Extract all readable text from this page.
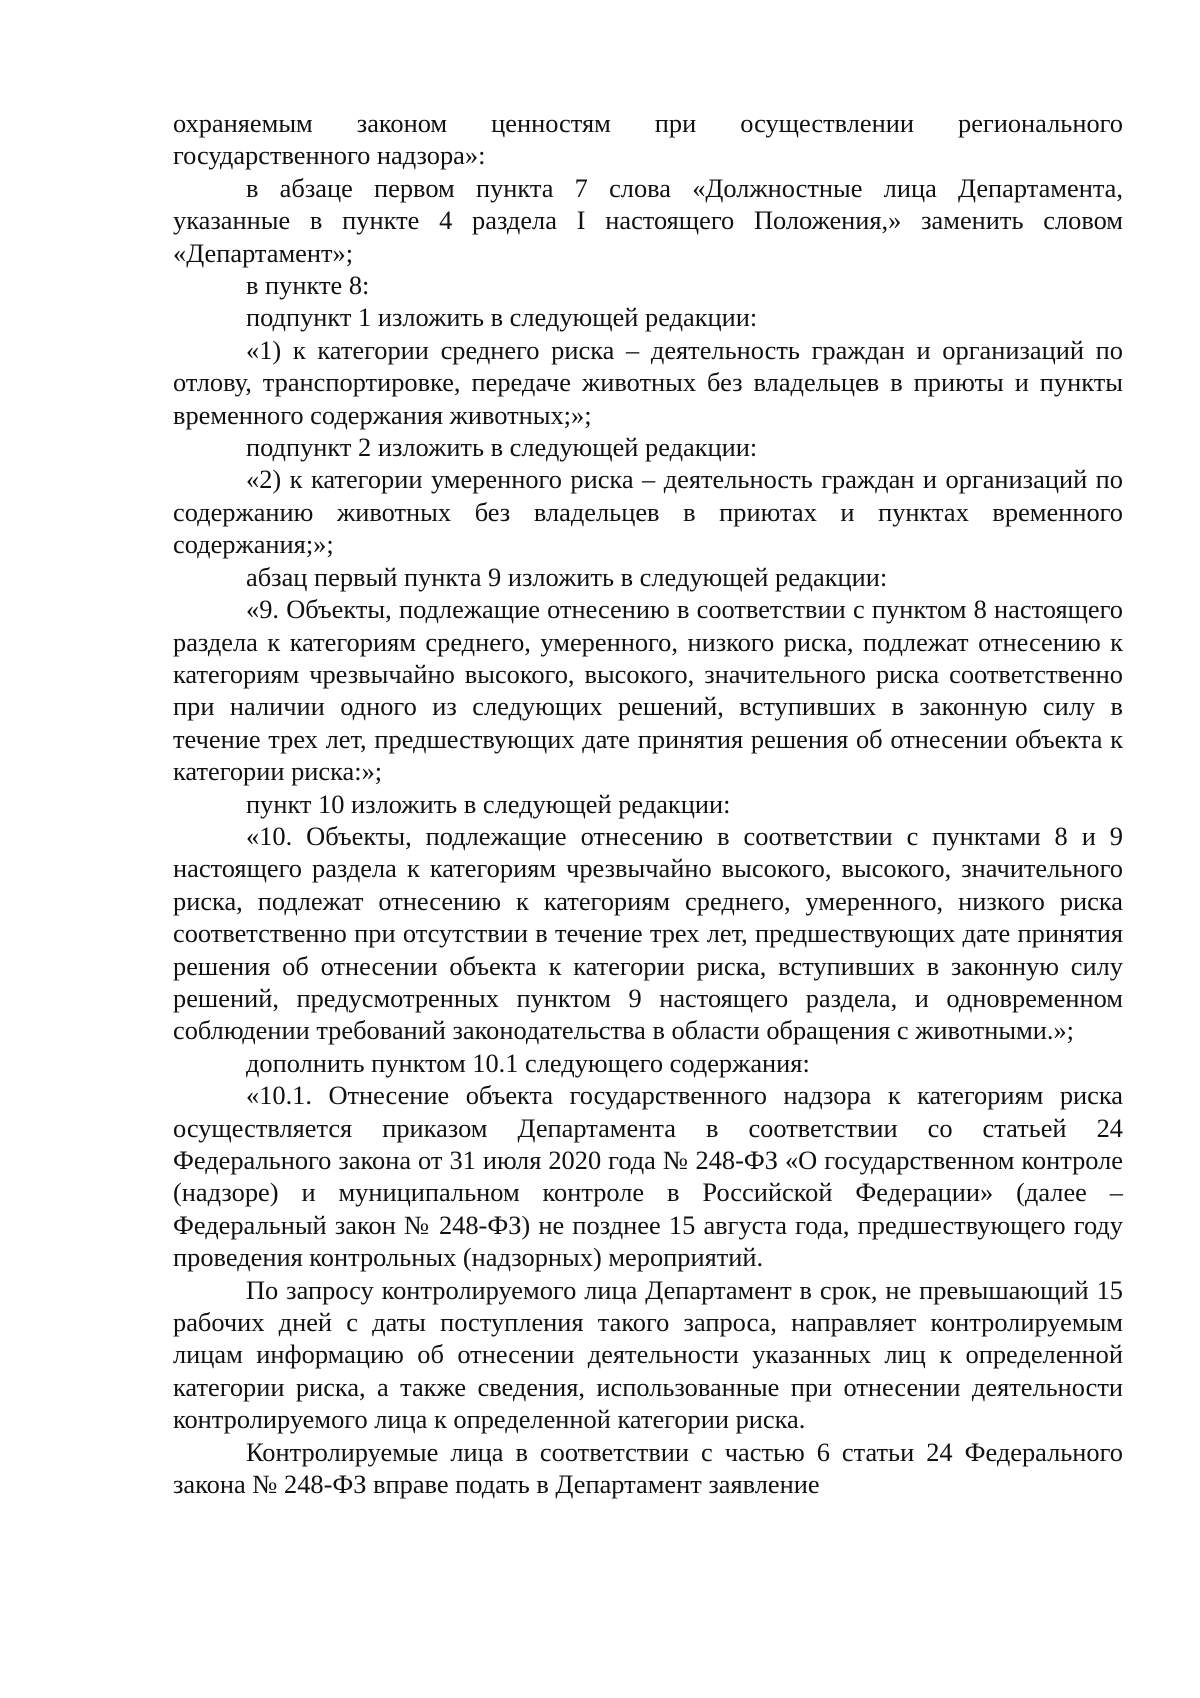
охраняемым законом ценностям при осуществлении регионального государственного надзора»:

в абзаце первом пункта 7 слова «Должностные лица Департамента, указанные в пункте 4 раздела I настоящего Положения,» заменить словом «Департамент»;

в пункте 8:

подпункт 1 изложить в следующей редакции:

«1) к категории среднего риска – деятельность граждан и организаций по отлову, транспортировке, передаче животных без владельцев в приюты и пункты временного содержания животных;»;

подпункт 2 изложить в следующей редакции:

«2) к категории умеренного риска – деятельность граждан и организаций по содержанию животных без владельцев в приютах и пунктах временного содержания;»;

абзац первый пункта 9 изложить в следующей редакции:

«9. Объекты, подлежащие отнесению в соответствии с пунктом 8 настоящего раздела к категориям среднего, умеренного, низкого риска, подлежат отнесению к категориям чрезвычайно высокого, высокого, значительного риска соответственно при наличии одного из следующих решений, вступивших в законную силу в течение трех лет, предшествующих дате принятия решения об отнесении объекта к категории риска:»;

пункт 10 изложить в следующей редакции:

«10. Объекты, подлежащие отнесению в соответствии с пунктами 8 и 9 настоящего раздела к категориям чрезвычайно высокого, высокого, значительного риска, подлежат отнесению к категориям среднего, умеренного, низкого риска соответственно при отсутствии в течение трех лет, предшествующих дате принятия решения об отнесении объекта к категории риска, вступивших в законную силу решений, предусмотренных пунктом 9 настоящего раздела, и одновременном соблюдении требований законодательства в области обращения с животными.»;

дополнить пунктом 10.1 следующего содержания:

«10.1. Отнесение объекта государственного надзора к категориям риска осуществляется приказом Департамента в соответствии со статьей 24 Федерального закона от 31 июля 2020 года № 248-ФЗ «О государственном контроле (надзоре) и муниципальном контроле в Российской Федерации» (далее – Федеральный закон № 248-ФЗ) не позднее 15 августа года, предшествующего году проведения контрольных (надзорных) мероприятий.

По запросу контролируемого лица Департамент в срок, не превышающий 15 рабочих дней с даты поступления такого запроса, направляет контролируемым лицам информацию об отнесении деятельности указанных лиц к определенной категории риска, а также сведения, использованные при отнесении деятельности контролируемого лица к определенной категории риска.

Контролируемые лица в соответствии с частью 6 статьи 24 Федерального закона № 248-ФЗ вправе подать в Департамент заявление
